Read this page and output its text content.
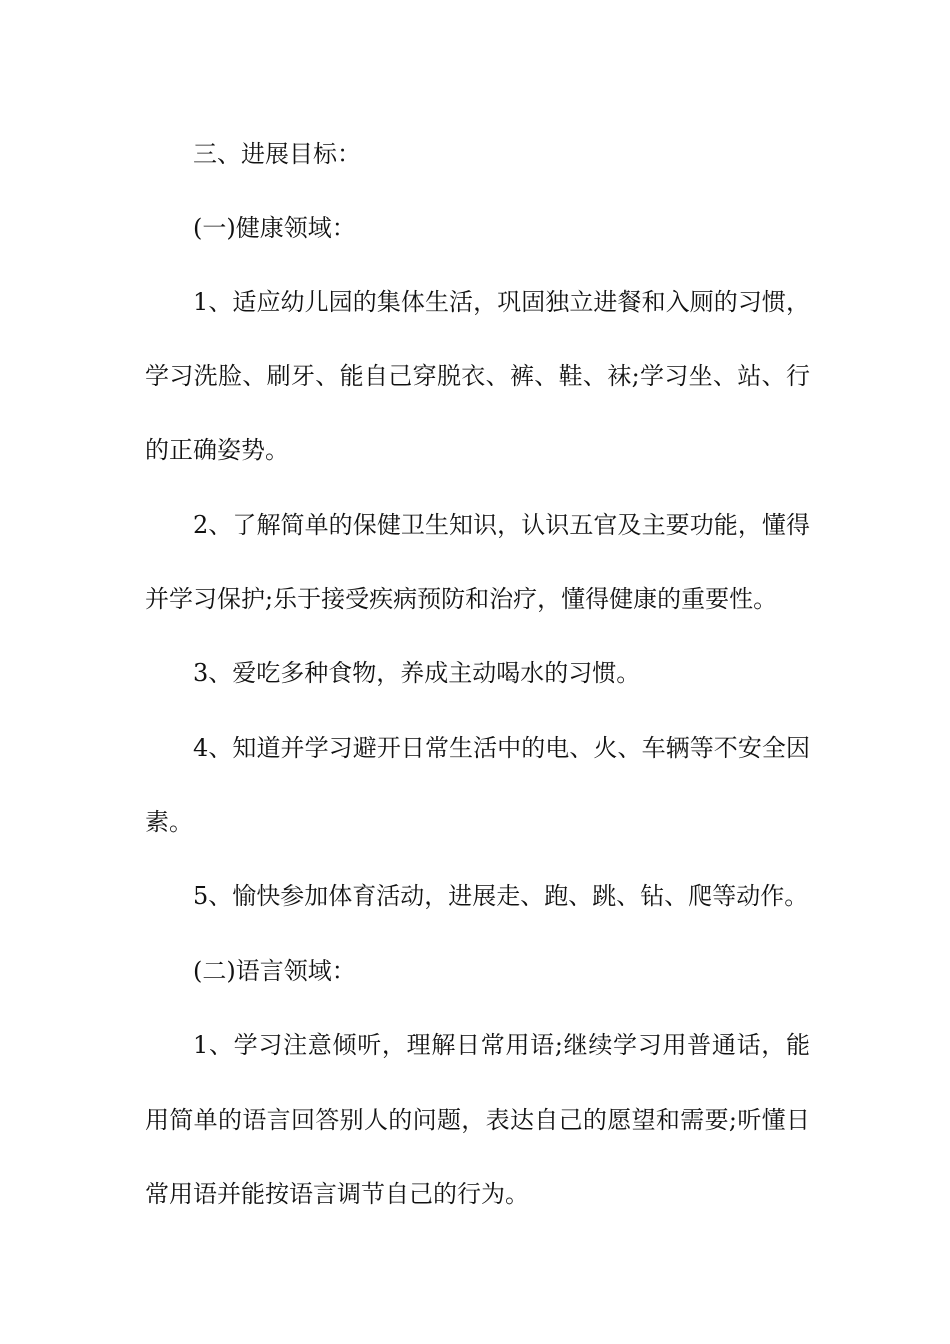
三、进展目标：
(一)健康领域：
1、适应幼儿园的集体生活，巩固独立进餐和入厕的习惯，
学习洗脸、刷牙、能自己穿脱衣、裤、鞋、袜;学习坐、站、行
的正确姿势。
2、了解简单的保健卫生知识，认识五官及主要功能，懂得
并学习保护;乐于接受疾病预防和治疗，懂得健康的重要性。
3、爱吃多种食物，养成主动喝水的习惯。
4、知道并学习避开日常生活中的电、火、车辆等不安全因
素。
5、愉快参加体育活动，进展走、跑、跳、钻、爬等动作。
(二)语言领域：
1、学习注意倾听，理解日常用语;继续学习用普通话，能
用简单的语言回答别人的问题，表达自己的愿望和需要;听懂日
常用语并能按语言调节自己的行为。
